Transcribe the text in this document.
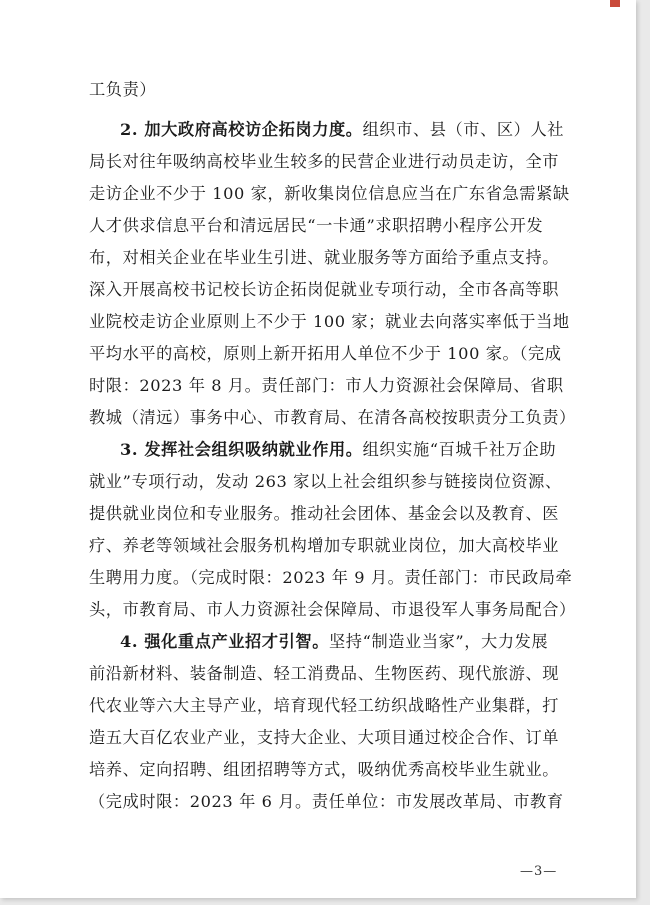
工负责）
2. 加大政府高校访企拓岗力度。组织市、县（市、区）人社
局长对往年吸纳高校毕业生较多的民营企业进行动员走访，全市
走访企业不少于 100 家，新收集岗位信息应当在广东省急需紧缺
人才供求信息平台和清远居民“一卡通”求职招聘小程序公开发
布，对相关企业在毕业生引进、就业服务等方面给予重点支持。
深入开展高校书记校长访企拓岗促就业专项行动，全市各高等职
业院校走访企业原则上不少于 100 家；就业去向落实率低于当地
平均水平的高校，原则上新开拓用人单位不少于 100 家。（完成
时限：2023 年 8 月。责任部门：市人力资源社会保障局、省职
教城（清远）事务中心、市教育局、在清各高校按职责分工负责）
3. 发挥社会组织吸纳就业作用。组织实施“百城千社万企助
就业”专项行动，发动 263 家以上社会组织参与链接岗位资源、
提供就业岗位和专业服务。推动社会团体、基金会以及教育、医
疗、养老等领域社会服务机构增加专职就业岗位，加大高校毕业
生聘用力度。（完成时限：2023 年 9 月。责任部门：市民政局牵
头，市教育局、市人力资源社会保障局、市退役军人事务局配合）
4. 强化重点产业招才引智。坚持“制造业当家”，大力发展
前沿新材料、装备制造、轻工消费品、生物医药、现代旅游、现
代农业等六大主导产业，培育现代轻工纺织战略性产业集群，打
造五大百亿农业产业，支持大企业、大项目通过校企合作、订单
培养、定向招聘、组团招聘等方式，吸纳优秀高校毕业生就业。
（完成时限：2023 年 6 月。责任单位：市发展改革局、市教育
—3—
